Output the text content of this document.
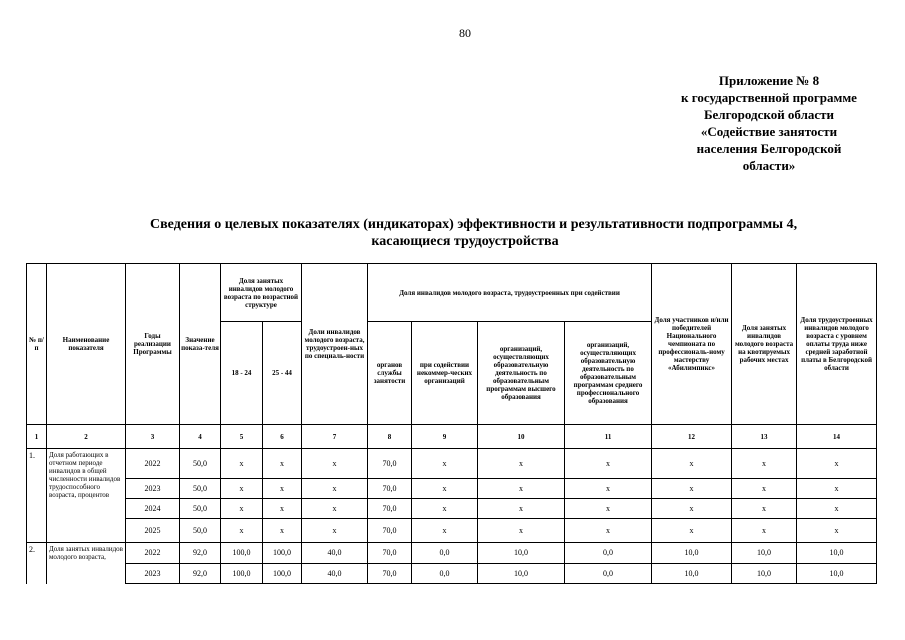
80
Приложение № 8
к государственной программе
Белгородской области
«Содействие занятости
населения Белгородской
области»
Сведения о целевых показателях (индикаторах) эффективности и результативности подпрограммы 4,
касающиеся трудоустройства
№ п/п	Наименование показателя	Годы реализации Программы	Значение показа-теля	Доля занятых инвалидов молодого возраста по возрастной структуре		Доли инвалидов молодого возраста, трудоустроен-ных по специаль-ности	Доля инвалидов молодого возраста, трудоустроенных при содействии				Доля участников и/или победителей Национального чемпионата по профессиональ-ному мастерству «Абилимпикс»	Доля занятых инвалидов молодого возраста на квотируемых рабочих местах	Доля трудоустроенных инвалидов молодого возраста с уровнем оплаты труда ниже средней заработной платы в Белгородской области
				18 - 24	25 - 44		органов службы занятости	при содействии некоммер-ческих организаций	организаций, осуществляющих образовательную деятельность по образовательным программам высшего образования	организаций, осуществляющих образовательную деятельность по образовательным программам среднего профессионального образования			
1	2	3	4	5	6	7	8	9	10	11	12	13	14
1.	Доля работающих в отчетном периоде инвалидов в общей численности инвалидов трудоспособного возраста, процентов	2022	50,0	х	х	х	70,0	х	х	х	х	х	х
		2023	50,0	х	х	х	70,0	х	х	х	х	х	х
		2024	50,0	х	х	х	70,0	х	х	х	х	х	х
		2025	50,0	х	х	х	70,0	х	х	х	х	х	х
2.	Доля занятых инвалидов молодого возраста,	2022	92,0	100,0	100,0	40,0	70,0	0,0	10,0	0,0	10,0	10,0	10,0
		2023	92,0	100,0	100,0	40,0	70,0	0,0	10,0	0,0	10,0	10,0	10,0
